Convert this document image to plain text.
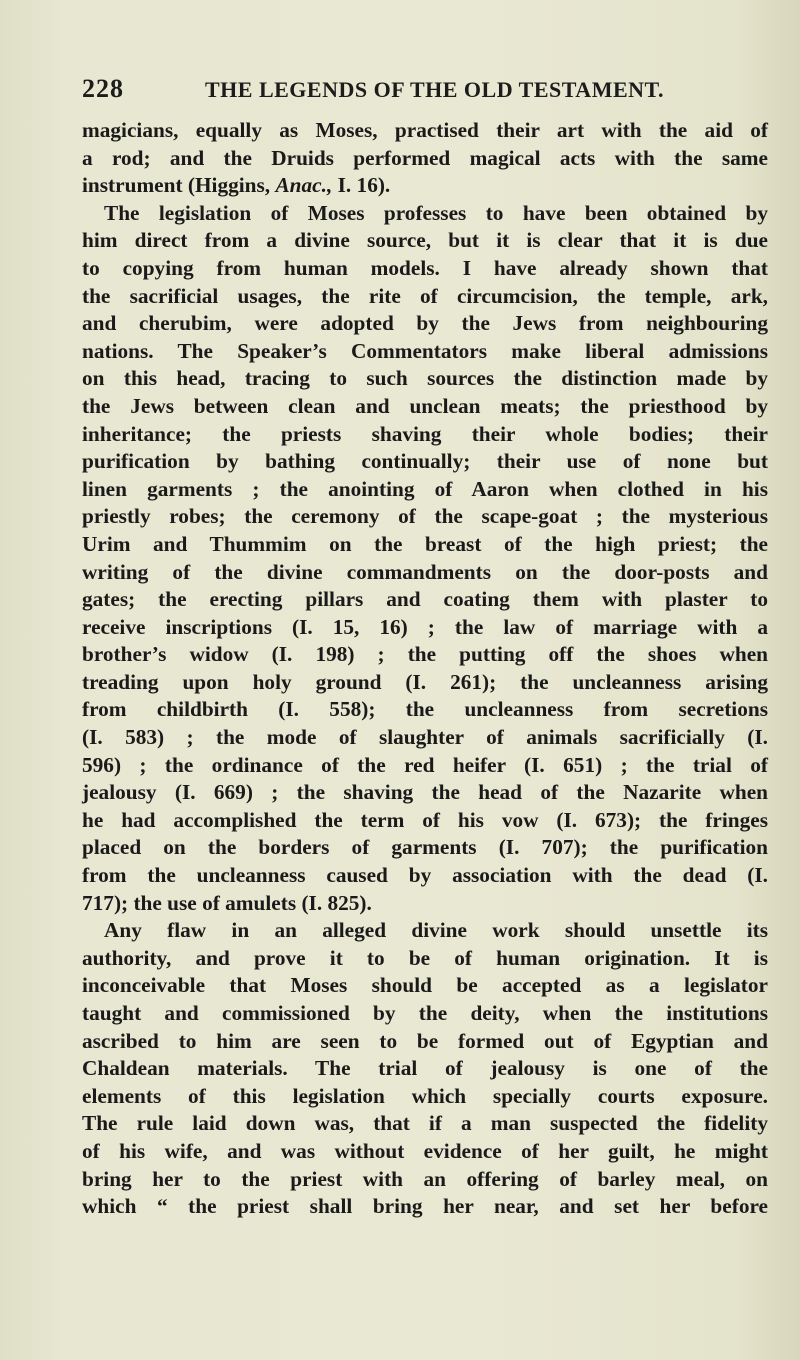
228	THE LEGENDS OF THE OLD TESTAMENT.
magicians, equally as Moses, practised their art with the aid of
a rod; and the Druids performed magical acts with the same
instrument (Higgins, Anac., I. 16).
The legislation of Moses professes to have been obtained by
him direct from a divine source, but it is clear that it is due
to copying from human models. I have already shown that
the sacrificial usages, the rite of circumcision, the temple, ark,
and cherubim, were adopted by the Jews from neighbouring
nations. The Speaker’s Commentators make liberal admissions
on this head, tracing to such sources the distinction made by
the Jews between clean and unclean meats; the priesthood by
inheritance; the priests shaving their whole bodies; their
purification by bathing continually; their use of none but
linen garments ; the anointing of Aaron when clothed in his
priestly robes; the ceremony of the scape-goat ; the mysterious
Urim and Thummim on the breast of the high priest; the
writing of the divine commandments on the door-posts and
gates; the erecting pillars and coating them with plaster to
receive inscriptions (I. 15, 16) ; the law of marriage with a
brother’s widow (I. 198) ; the putting off the shoes when
treading upon holy ground (I. 261); the uncleanness arising
from childbirth (I. 558); the uncleanness from secretions
(I. 583) ; the mode of slaughter of animals sacrificially (I.
596) ; the ordinance of the red heifer (I. 651) ; the trial of
jealousy (I. 669) ; the shaving the head of the Nazarite when
he had accomplished the term of his vow (I. 673); the fringes
placed on the borders of garments (I. 707); the purification
from the uncleanness caused by association with the dead (I.
717); the use of amulets (I. 825).
Any flaw in an alleged divine work should unsettle its
authority, and prove it to be of human origination. It is
inconceivable that Moses should be accepted as a legislator
taught and commissioned by the deity, when the institutions
ascribed to him are seen to be formed out of Egyptian and
Chaldean materials. The trial of jealousy is one of the
elements of this legislation which specially courts exposure.
The rule laid down was, that if a man suspected the fidelity
of his wife, and was without evidence of her guilt, he might
bring her to the priest with an offering of barley meal, on
which “ the priest shall bring her near, and set her before
